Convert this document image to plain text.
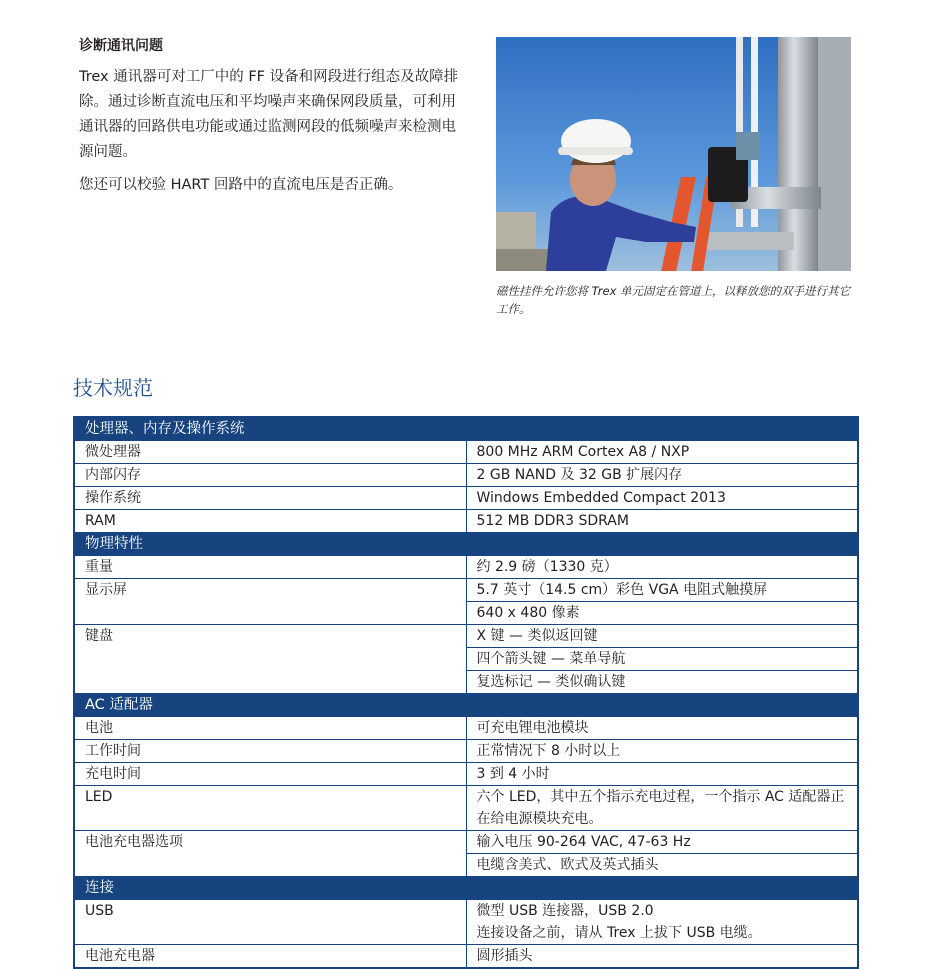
诊断通讯问题

Trex 通讯器可对工厂中的 FF 设备和网段进行组态及故障排除。通过诊断直流电压和平均噪声来确保网段质量，可利用通讯器的回路供电功能或通过监测网段的低频噪声来检测电源问题。

您还可以校验 HART 回路中的直流电压是否正确。

磁性挂件允许您将 Trex 单元固定在管道上，以释放您的双手进行其它工作。

技术规范
处理器、内存及操作系统	
微处理器	800 MHz ARM Cortex A8 / NXP
内部闪存	2 GB NAND 及 32 GB 扩展闪存
操作系统	Windows Embedded Compact 2013
RAM	512 MB DDR3 SDRAM
物理特性	
重量	约 2.9 磅（1330 克）
显示屏	5.7 英寸（14.5 cm）彩色 VGA 电阻式触摸屏
	640 x 480 像素
键盘	X 键 — 类似返回键
	四个箭头键 — 菜单导航
	复选标记 — 类似确认键
AC 适配器	
电池	可充电锂电池模块
工作时间	正常情况下 8 小时以上
充电时间	3 到 4 小时
LED	六个 LED，其中五个指示充电过程，一个指示 AC 适配器正在给电源模块充电。
电池充电器选项	输入电压 90-264 VAC, 47-63 Hz
	电缆含美式、欧式及英式插头
连接	
USB	微型 USB 连接器，USB 2.0
	连接设备之前，请从 Trex 上拔下 USB 电缆。
电池充电器	圆形插头
